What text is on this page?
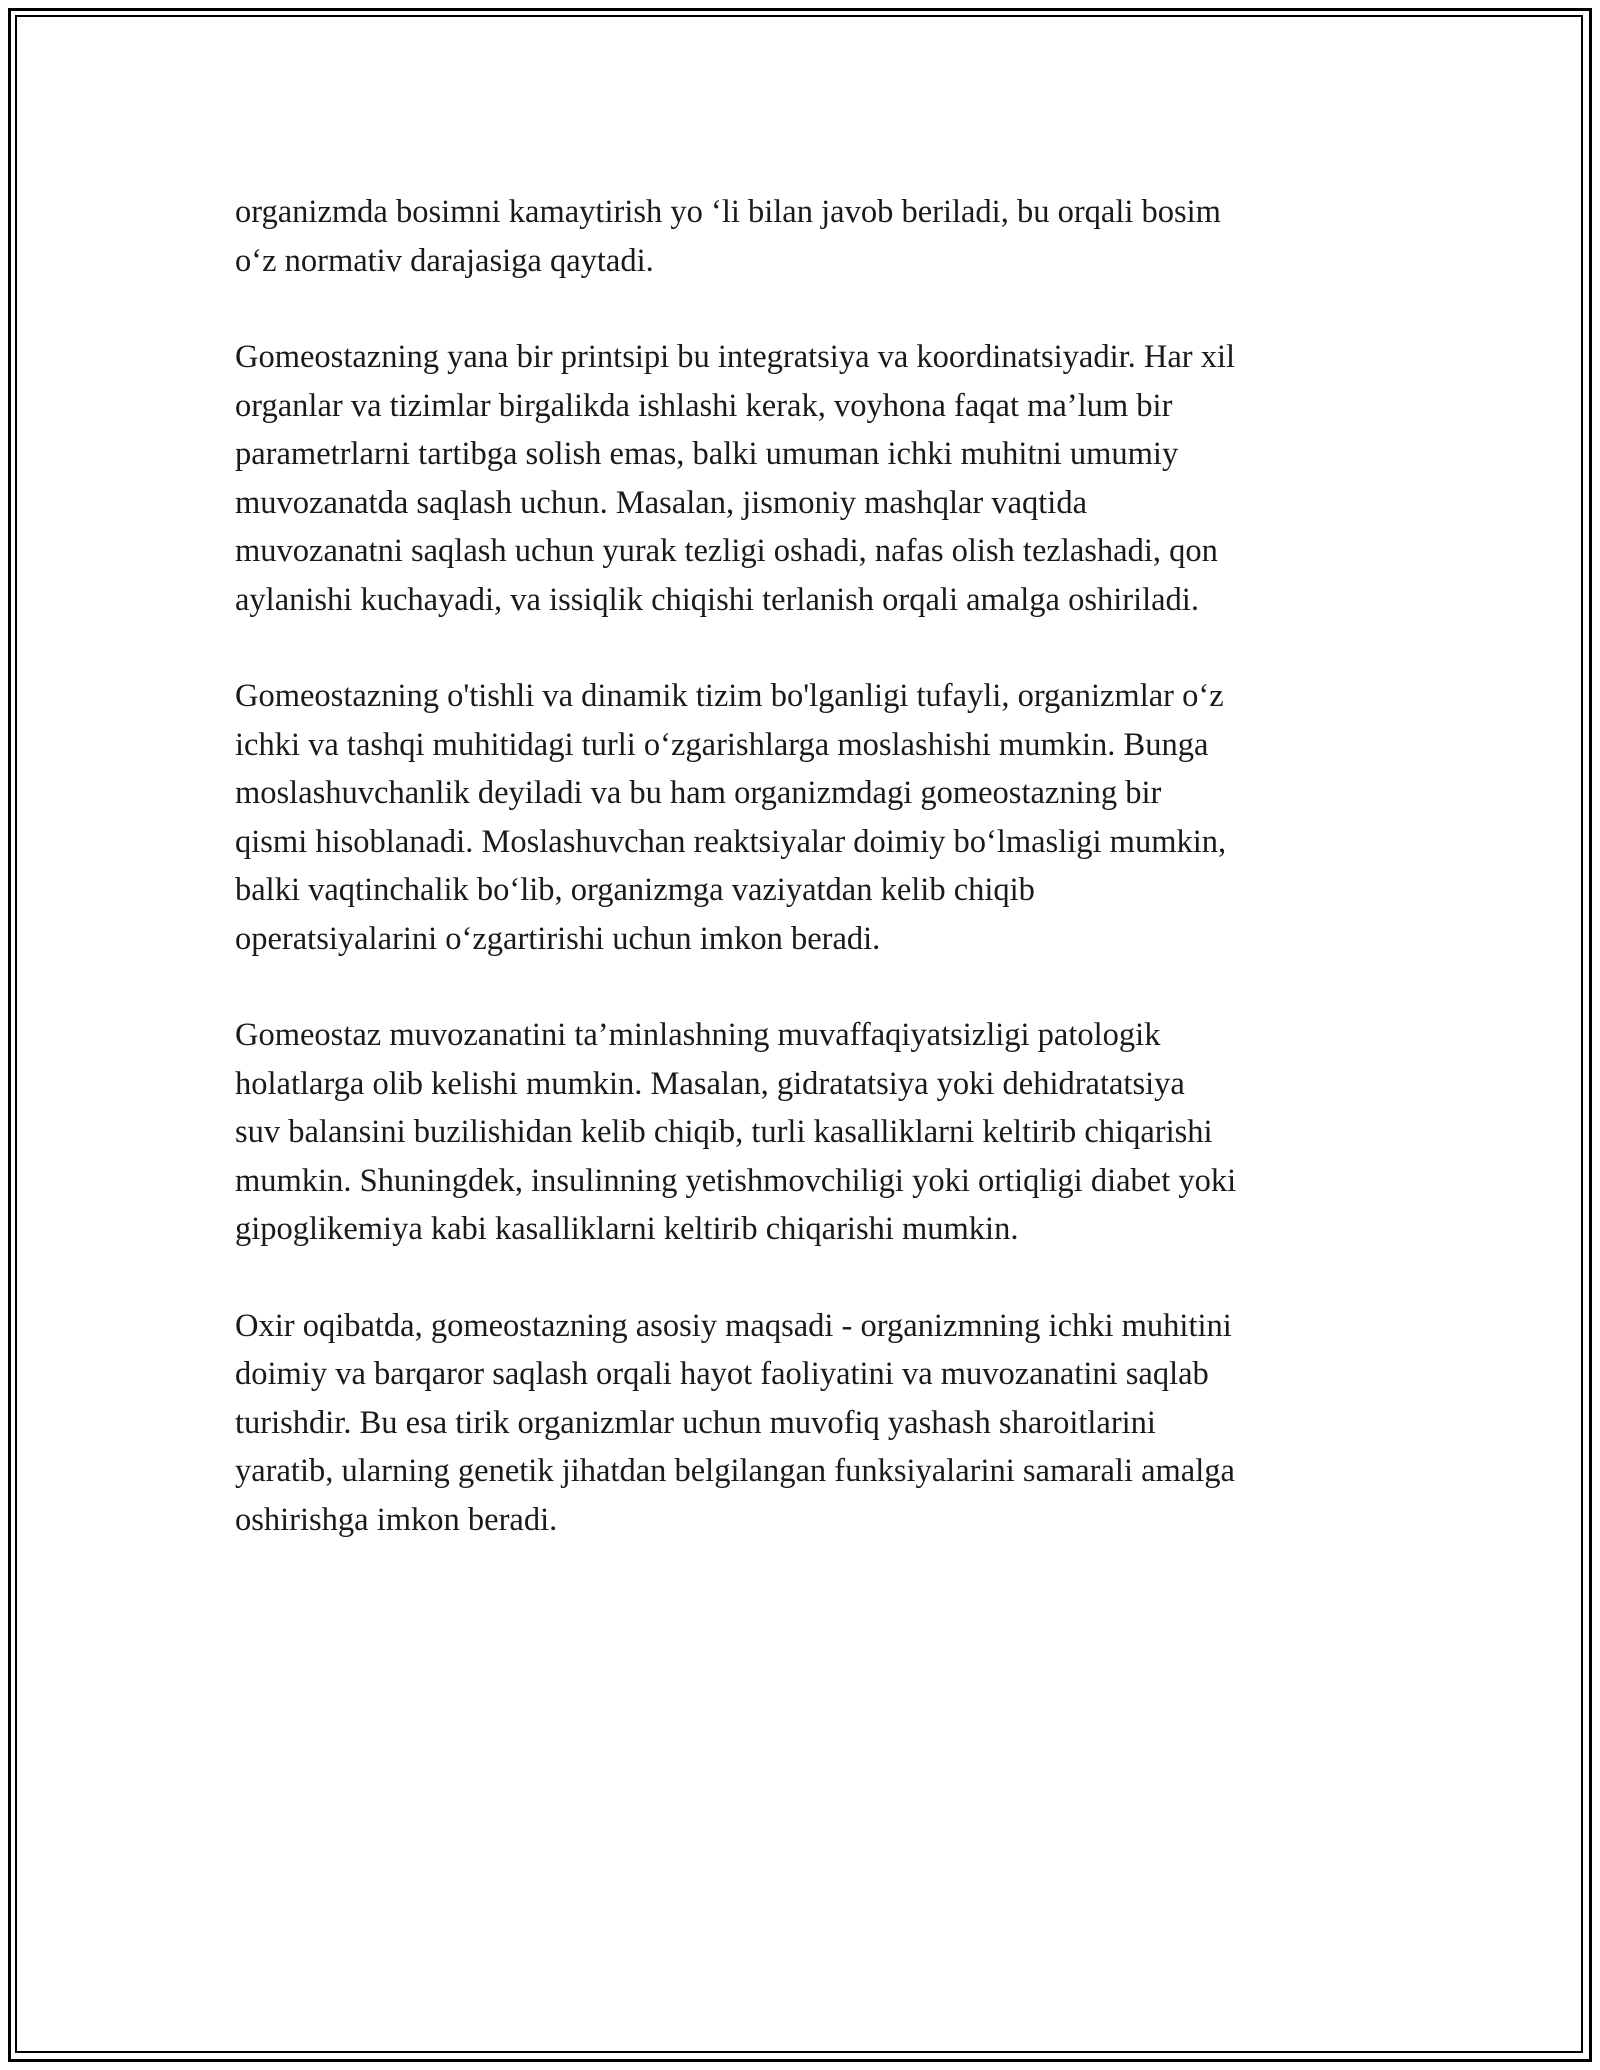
organizmda bosimni kamaytirish yo ‘li bilan javob beriladi, bu orqali bosim
o‘z normativ darajasiga qaytadi.

Gomeostazning yana bir printsipi bu integratsiya va koordinatsiyadir. Har xil
organlar va tizimlar birgalikda ishlashi kerak, voyhona faqat ma’lum bir
parametrlarni tartibga solish emas, balki umuman ichki muhitni umumiy
muvozanatda saqlash uchun. Masalan, jismoniy mashqlar vaqtida
muvozanatni saqlash uchun yurak tezligi oshadi, nafas olish tezlashadi, qon
aylanishi kuchayadi, va issiqlik chiqishi terlanish orqali amalga oshiriladi.

Gomeostazning o'tishli va dinamik tizim bo'lganligi tufayli, organizmlar o‘z
ichki va tashqi muhitidagi turli o‘zgarishlarga moslashishi mumkin. Bunga
moslashuvchanlik deyiladi va bu ham organizmdagi gomeostazning bir
qismi hisoblanadi. Moslashuvchan reaktsiyalar doimiy bo‘lmasligi mumkin,
balki vaqtinchalik bo‘lib, organizmga vaziyatdan kelib chiqib
operatsiyalarini o‘zgartirishi uchun imkon beradi.

Gomeostaz muvozanatini ta’minlashning muvaffaqiyatsizligi patologik
holatlarga olib kelishi mumkin. Masalan, gidratatsiya yoki dehidratatsiya
suv balansini buzilishidan kelib chiqib, turli kasalliklarni keltirib chiqarishi
mumkin. Shuningdek, insulinning yetishmovchiligi yoki ortiqligi diabet yoki
gipoglikemiya kabi kasalliklarni keltirib chiqarishi mumkin.

Oxir oqibatda, gomeostazning asosiy maqsadi - organizmning ichki muhitini
doimiy va barqaror saqlash orqali hayot faoliyatini va muvozanatini saqlab
turishdir. Bu esa tirik organizmlar uchun muvofiq yashash sharoitlarini
yaratib, ularning genetik jihatdan belgilangan funksiyalarini samarali amalga
oshirishga imkon beradi.
